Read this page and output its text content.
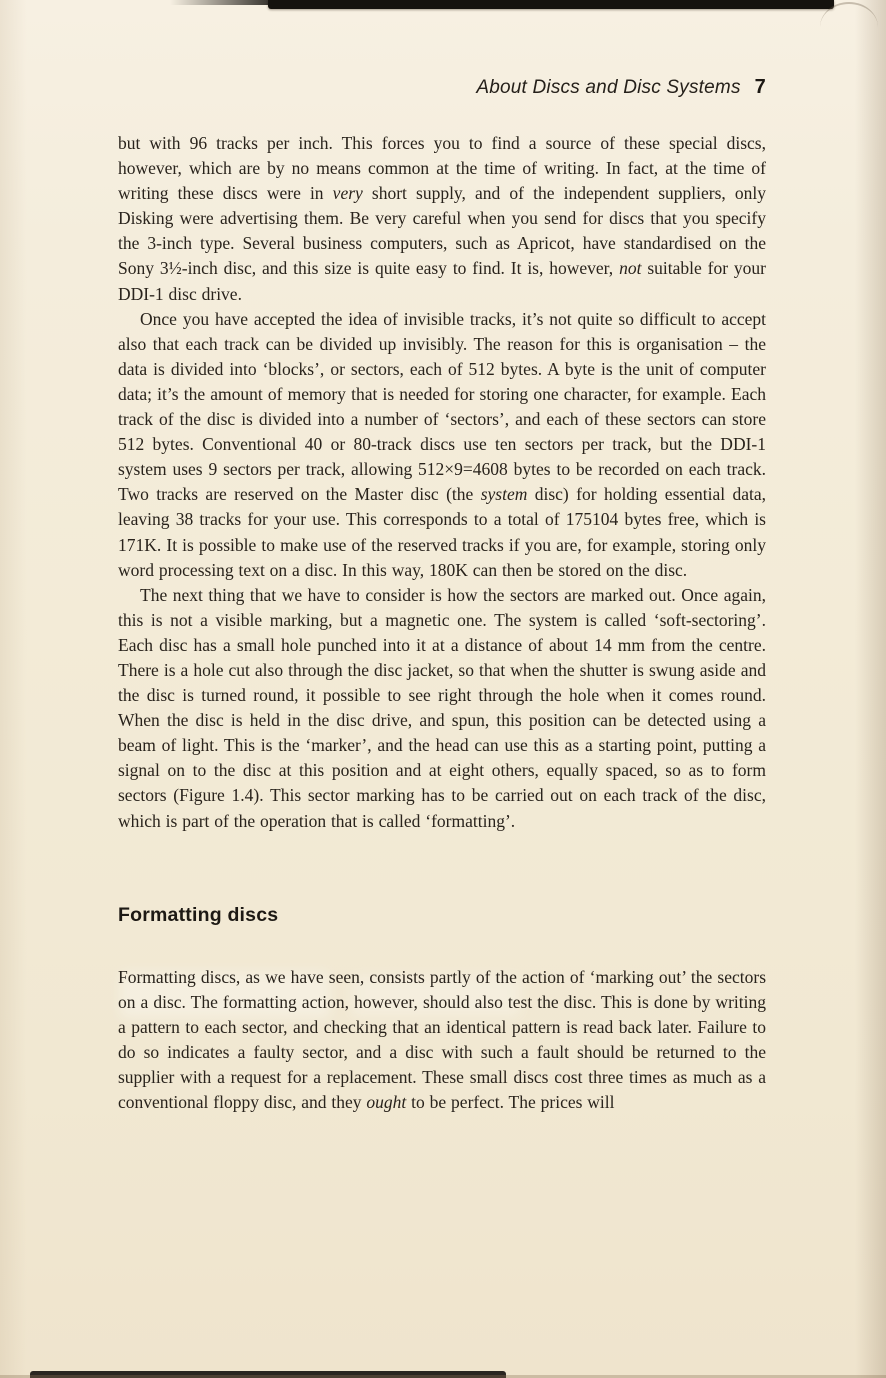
About Discs and Disc Systems 7

but with 96 tracks per inch. This forces you to find a source of these special discs, however, which are by no means common at the time of writing. In fact, at the time of writing these discs were in very short supply, and of the independent suppliers, only Disking were advertising them. Be very careful when you send for discs that you specify the 3-inch type. Several business computers, such as Apricot, have standardised on the Sony 3½-inch disc, and this size is quite easy to find. It is, however, not suitable for your DDI-1 disc drive.

Once you have accepted the idea of invisible tracks, it’s not quite so difficult to accept also that each track can be divided up invisibly. The reason for this is organisation – the data is divided into ‘blocks’, or sectors, each of 512 bytes. A byte is the unit of computer data; it’s the amount of memory that is needed for storing one character, for example. Each track of the disc is divided into a number of ‘sectors’, and each of these sectors can store 512 bytes. Conventional 40 or 80-track discs use ten sectors per track, but the DDI-1 system uses 9 sectors per track, allowing 512×9=4608 bytes to be recorded on each track. Two tracks are reserved on the Master disc (the system disc) for holding essential data, leaving 38 tracks for your use. This corresponds to a total of 175104 bytes free, which is 171K. It is possible to make use of the reserved tracks if you are, for example, storing only word processing text on a disc. In this way, 180K can then be stored on the disc.

The next thing that we have to consider is how the sectors are marked out. Once again, this is not a visible marking, but a magnetic one. The system is called ‘soft-sectoring’. Each disc has a small hole punched into it at a distance of about 14 mm from the centre. There is a hole cut also through the disc jacket, so that when the shutter is swung aside and the disc is turned round, it possible to see right through the hole when it comes round. When the disc is held in the disc drive, and spun, this position can be detected using a beam of light. This is the ‘marker’, and the head can use this as a starting point, putting a signal on to the disc at this position and at eight others, equally spaced, so as to form sectors (Figure 1.4). This sector marking has to be carried out on each track of the disc, which is part of the operation that is called ‘formatting’.

Formatting discs

Formatting discs, as we have seen, consists partly of the action of ‘marking out’ the sectors on a disc. The formatting action, however, should also test the disc. This is done by writing a pattern to each sector, and checking that an identical pattern is read back later. Failure to do so indicates a faulty sector, and a disc with such a fault should be returned to the supplier with a request for a replacement. These small discs cost three times as much as a conventional floppy disc, and they ought to be perfect. The prices will
